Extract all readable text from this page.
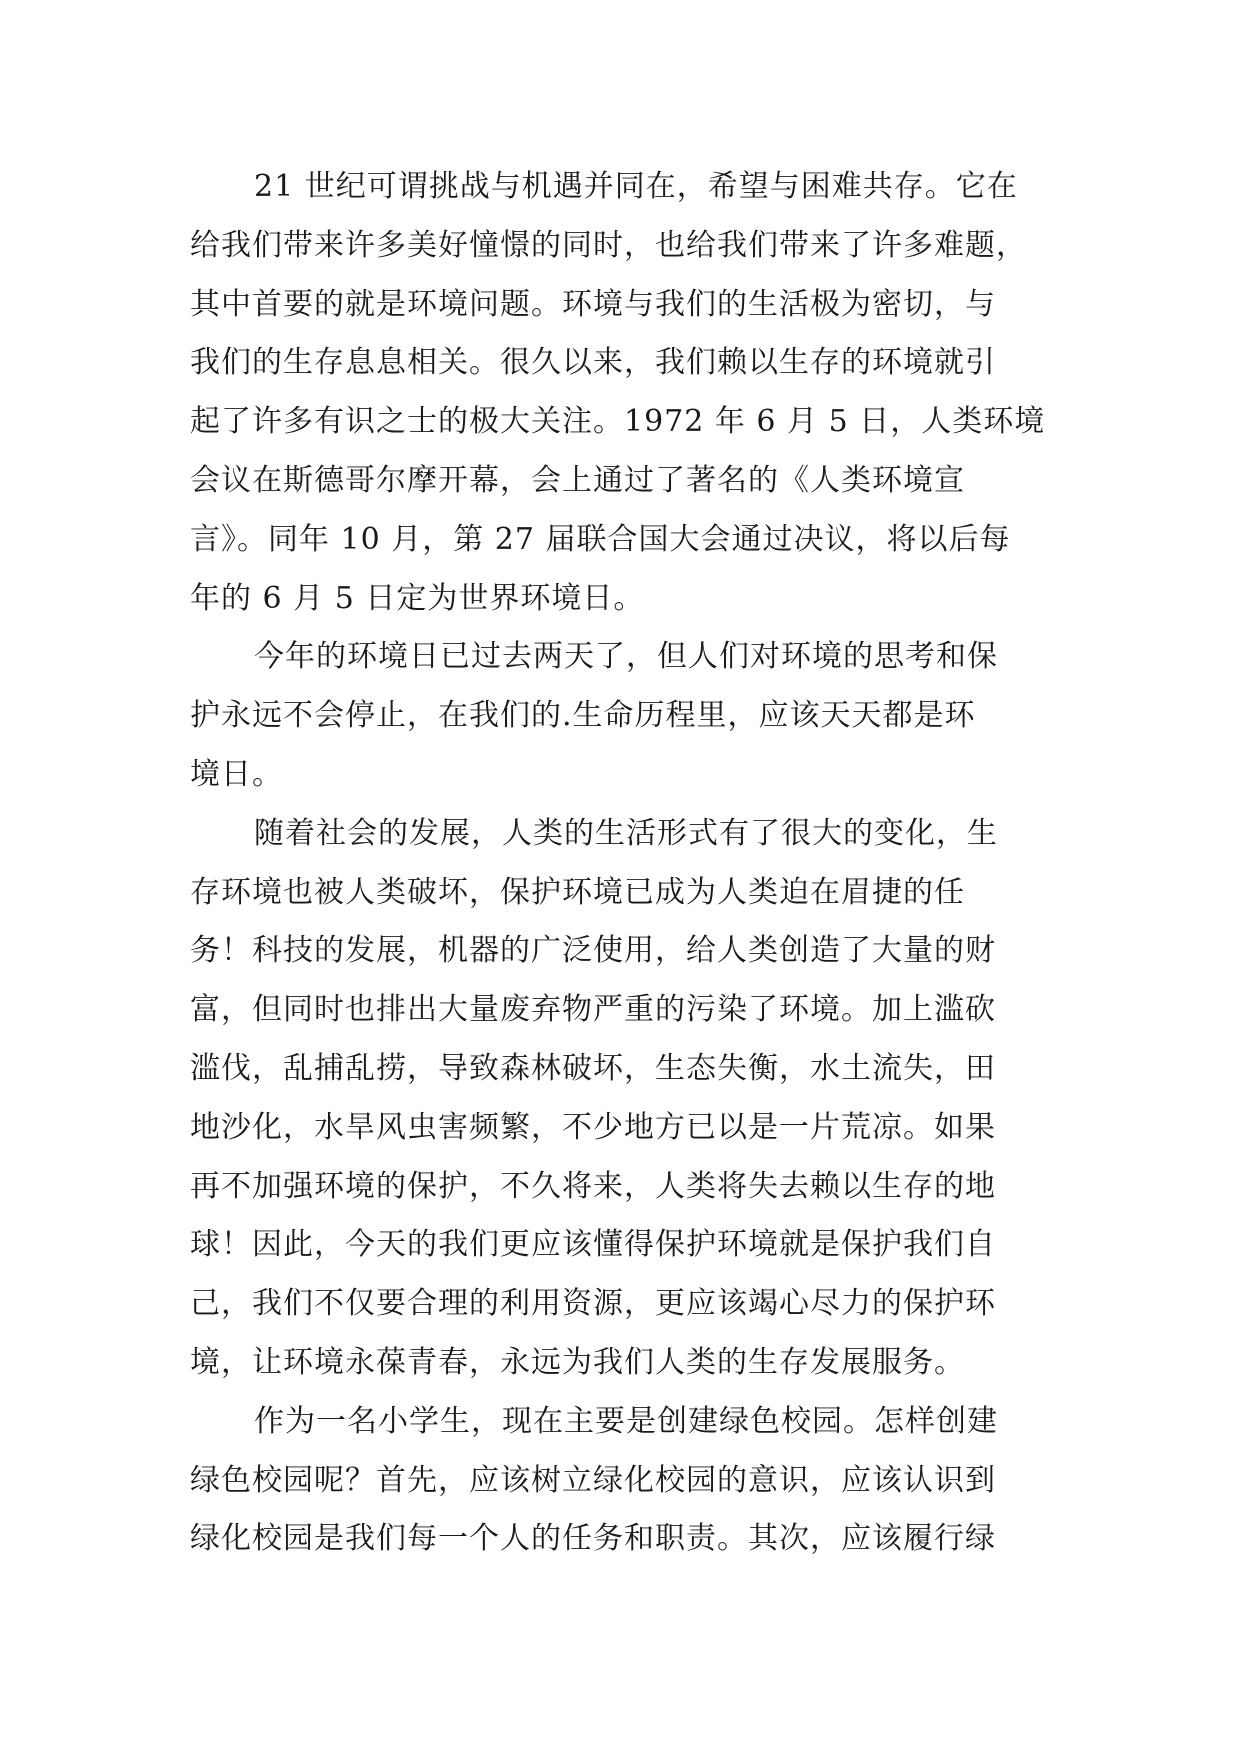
21 世纪可谓挑战与机遇并同在，希望与困难共存。它在
给我们带来许多美好憧憬的同时，也给我们带来了许多难题，
其中首要的就是环境问题。环境与我们的生活极为密切，与
我们的生存息息相关。很久以来，我们赖以生存的环境就引
起了许多有识之士的极大关注。1972 年 6 月 5 日，人类环境
会议在斯德哥尔摩开幕，会上通过了著名的《人类环境宣
言》。同年 10 月，第 27 届联合国大会通过决议，将以后每
年的 6 月 5 日定为世界环境日。
今年的环境日已过去两天了，但人们对环境的思考和保
护永远不会停止，在我们的.生命历程里，应该天天都是环
境日。
随着社会的发展，人类的生活形式有了很大的变化，生
存环境也被人类破坏，保护环境已成为人类迫在眉捷的任
务！科技的发展，机器的广泛使用，给人类创造了大量的财
富，但同时也排出大量废弃物严重的污染了环境。加上滥砍
滥伐，乱捕乱捞，导致森林破坏，生态失衡，水土流失，田
地沙化，水旱风虫害频繁，不少地方已以是一片荒凉。如果
再不加强环境的保护，不久将来，人类将失去赖以生存的地
球！因此，今天的我们更应该懂得保护环境就是保护我们自
己，我们不仅要合理的利用资源，更应该竭心尽力的保护环
境，让环境永葆青春，永远为我们人类的生存发展服务。
作为一名小学生，现在主要是创建绿色校园。怎样创建
绿色校园呢？首先，应该树立绿化校园的意识，应该认识到
绿化校园是我们每一个人的任务和职责。其次，应该履行绿
